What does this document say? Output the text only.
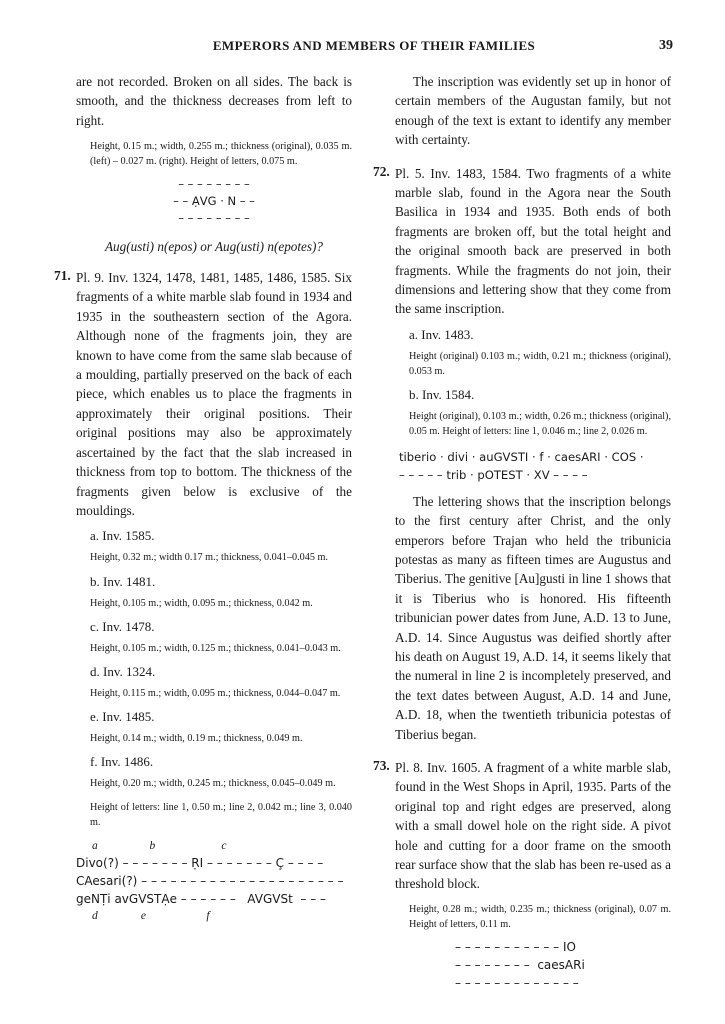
EMPERORS AND MEMBERS OF THEIR FAMILIES	39

are not recorded. Broken on all sides. The back is smooth, and the thickness decreases from left to right.

Height, 0.15 m.; width, 0.255 m.; thickness (original), 0.035 m. (left) – 0.027 m. (right). Height of letters, 0.075 m.

– – – – – – – –
– – ẠVG · N – –
– – – – – – – –

Aug(usti) n(epos) or Aug(usti) n(epotes)?

71. Pl. 9. Inv. 1324, 1478, 1481, 1485, 1486, 1585. Six fragments of a white marble slab found in 1934 and 1935 in the southeastern section of the Agora. Although none of the fragments join, they are known to have come from the same slab because of a moulding, partially preserved on the back of each piece, which enables us to place the fragments in approximately their original positions. Their original positions may also be approximately ascertained by the fact that the slab increased in thickness from top to bottom. The thickness of the fragments given below is exclusive of the mouldings.

a. Inv. 1585.

Height, 0.32 m.; width 0.17 m.; thickness, 0.041–0.045 m.

b. Inv. 1481.

Height, 0.105 m.; width, 0.095 m.; thickness, 0.042 m.

c. Inv. 1478.

Height, 0.105 m.; width, 0.125 m.; thickness, 0.041–0.043 m.

d. Inv. 1324.

Height, 0.115 m.; width, 0.095 m.; thickness, 0.044–0.047 m.

e. Inv. 1485.

Height, 0.14 m.; width, 0.19 m.; thickness, 0.049 m.

f. Inv. 1486.

Height, 0.20 m.; width, 0.245 m.; thickness, 0.045–0.049 m.

Height of letters: line 1, 0.50 m.; line 2, 0.042 m.; line 3, 0.040 m.

a                  b                       c
Divo(?) – – – – – – – ṚI – – – – – – – Ç – – – –
CAesari(?) – – – – – – – – – – – – – – – – – – – – –
geNṬi avGVSTẠe – – – – – –   AVGVSt  – – –
d               e                     f

The inscription was evidently set up in honor of certain members of the Augustan family, but not enough of the text is extant to identify any member with certainty.

72. Pl. 5. Inv. 1483, 1584. Two fragments of a white marble slab, found in the Agora near the South Basilica in 1934 and 1935. Both ends of both fragments are broken off, but the total height and the original smooth back are preserved in both fragments. While the fragments do not join, their dimensions and lettering show that they come from the same inscription.

a. Inv. 1483.

Height (original) 0.103 m.; width, 0.21 m.; thickness (original), 0.053 m.

b. Inv. 1584.

Height (original), 0.103 m.; width, 0.26 m.; thickness (original), 0.05 m. Height of letters: line 1, 0.046 m.; line 2, 0.026 m.

tiberio · divi · auGVSTI · f · caesARI · COS ·
– – – – – trib · pOTEST · XV – – – –

The lettering shows that the inscription belongs to the first century after Christ, and the only emperors before Trajan who held the tribunicia potestas as many as fifteen times are Augustus and Tiberius. The genitive [Au]gusti in line 1 shows that it is Tiberius who is honored. His fifteenth tribunician power dates from June, A.D. 13 to June, A.D. 14. Since Augustus was deified shortly after his death on August 19, A.D. 14, it seems likely that the numeral in line 2 is incompletely preserved, and the text dates between August, A.D. 14 and June, A.D. 18, when the twentieth tribunicia potestas of Tiberius began.

73. Pl. 8. Inv. 1605. A fragment of a white marble slab, found in the West Shops in April, 1935. Parts of the original top and right edges are preserved, along with a small dowel hole on the right side. A pivot hole and cutting for a door frame on the smooth rear surface show that the slab has been re-used as a threshold block.

Height, 0.28 m.; width, 0.235 m.; thickness (original), 0.07 m. Height of letters, 0.11 m.

– – – – – – – – – – – IO
– – – – – – – –  caesARi
– – – – – – – – – – – – –
